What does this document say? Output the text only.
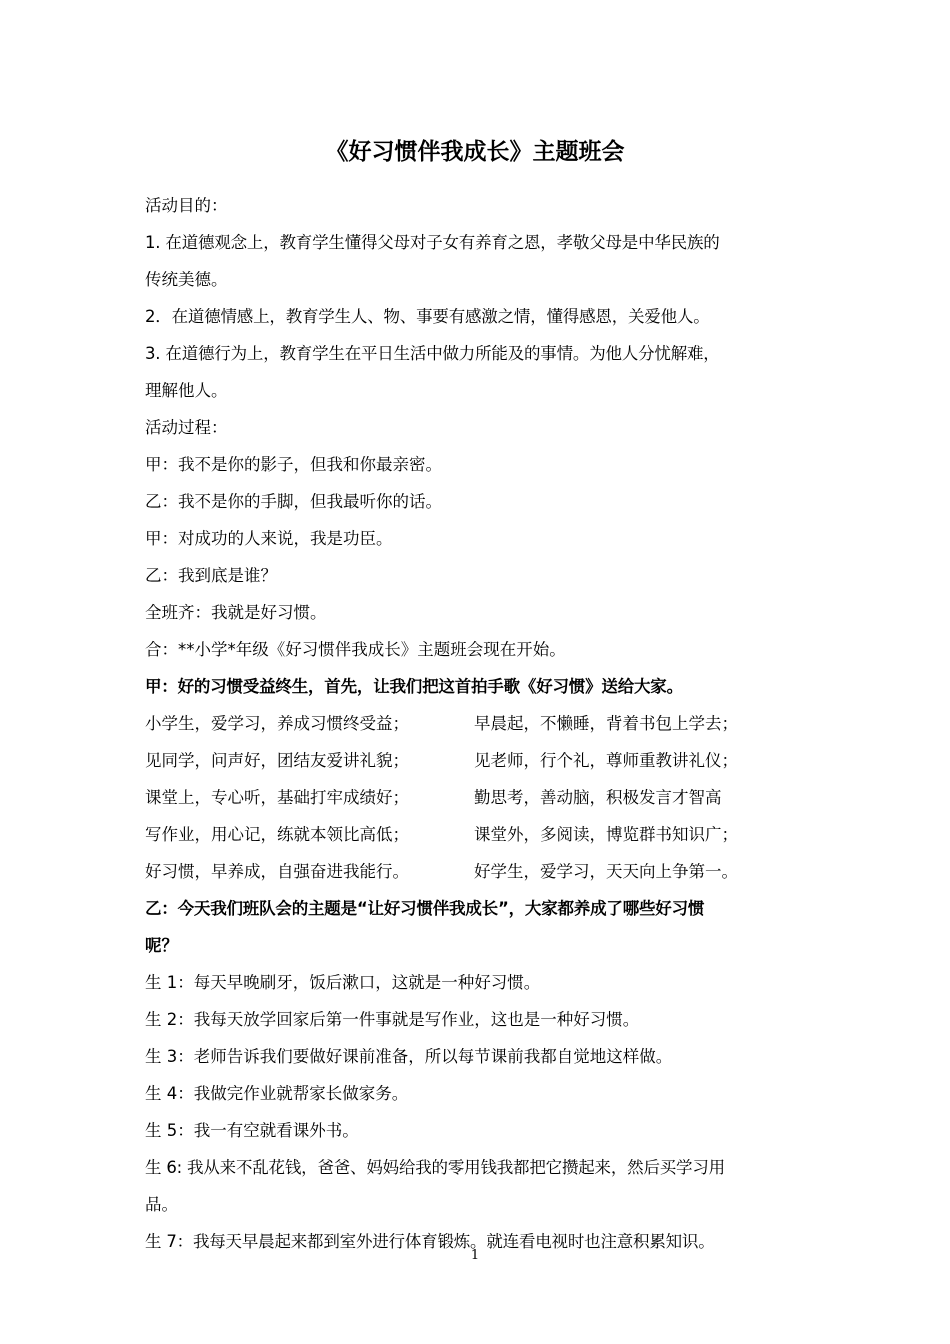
《好习惯伴我成长》主题班会
活动目的：
1. 在道德观念上，教育学生懂得父母对子女有养育之恩，孝敬父母是中华民族的
传统美德。
2．在道德情感上，教育学生人、物、事要有感激之情，懂得感恩，关爱他人。
3. 在道德行为上，教育学生在平日生活中做力所能及的事情。为他人分忧解难，
理解他人。
活动过程：
甲：我不是你的影子，但我和你最亲密。
乙：我不是你的手脚，但我最听你的话。
甲：对成功的人来说，我是功臣。
乙：我到底是谁？
全班齐：我就是好习惯。
合：**小学*年级《好习惯伴我成长》主题班会现在开始。
甲：好的习惯受益终生，首先，让我们把这首拍手歌《好习惯》送给大家。
小学生，爱学习，养成习惯终受益；	早晨起，不懒睡，背着书包上学去；
见同学，问声好，团结友爱讲礼貌；	见老师，行个礼，尊师重教讲礼仪；
课堂上，专心听，基础打牢成绩好；	勤思考，善动脑，积极发言才智高
写作业，用心记，练就本领比高低；	课堂外，多阅读，博览群书知识广；
好习惯，早养成，自强奋进我能行。	好学生，爱学习，天天向上争第一。
乙：今天我们班队会的主题是“让好习惯伴我成长”，大家都养成了哪些好习惯
呢？
生 1：每天早晚刷牙，饭后漱口，这就是一种好习惯。
生 2：我每天放学回家后第一件事就是写作业，这也是一种好习惯。
生 3：老师告诉我们要做好课前准备，所以每节课前我都自觉地这样做。
生 4：我做完作业就帮家长做家务。
生 5：我一有空就看课外书。
生 6: 我从来不乱花钱，爸爸、妈妈给我的零用钱我都把它攒起来，然后买学习用
品。
生 7：我每天早晨起来都到室外进行体育锻炼。就连看电视时也注意积累知识。
1
